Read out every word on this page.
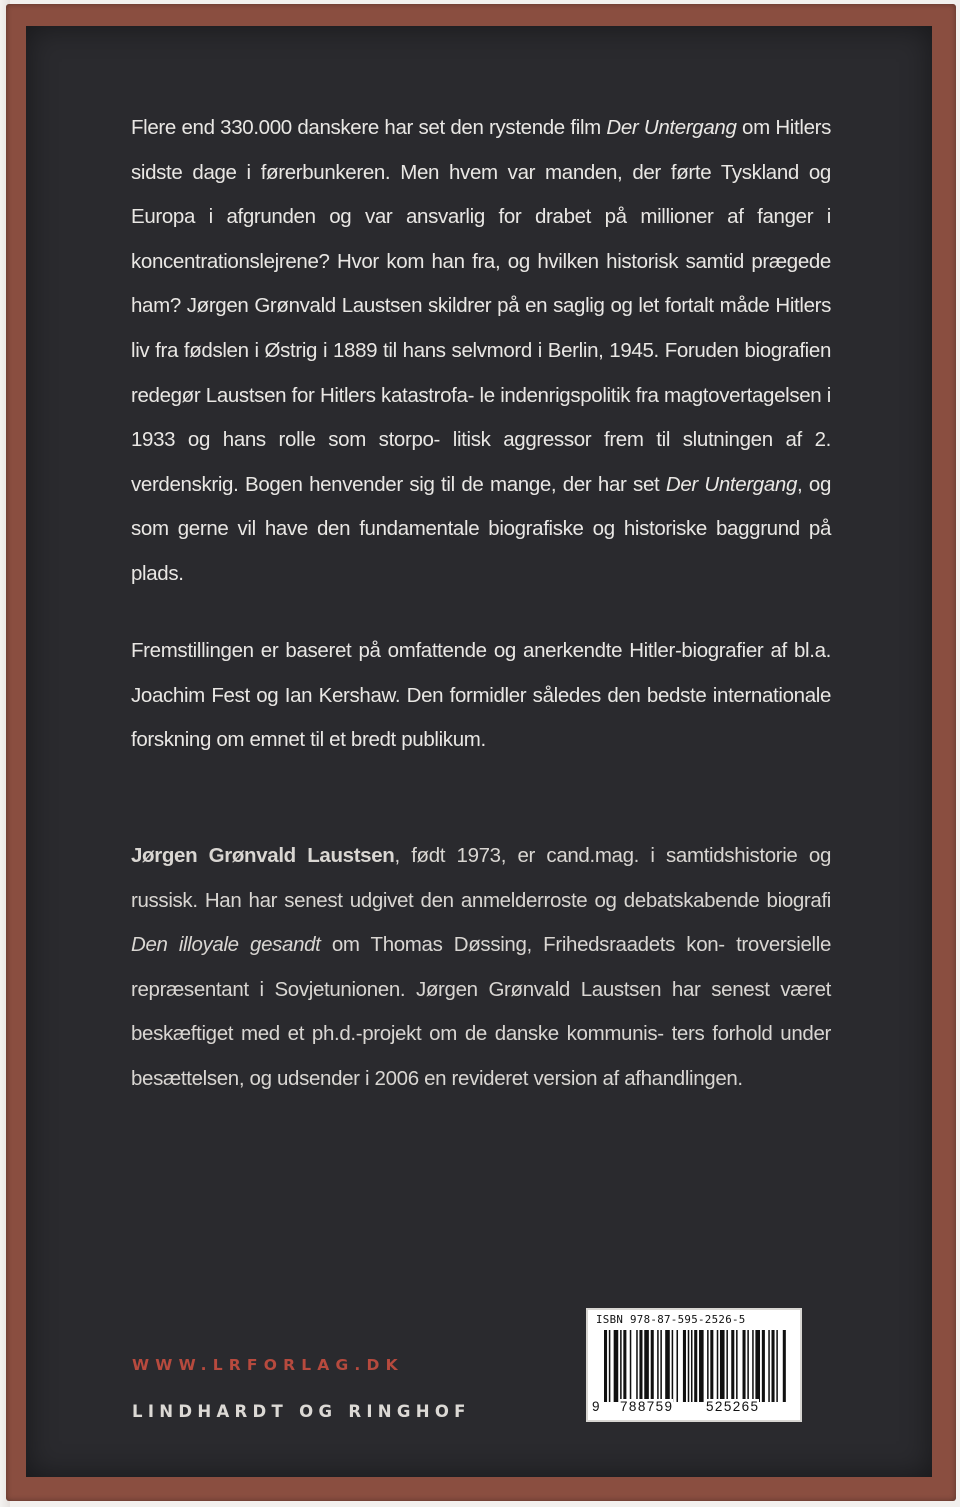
Flere end 330.000 danskere har set den rystende film Der Untergang om Hitlers sidste dage i førerbunkeren. Men hvem var manden, der førte Tyskland og Europa i afgrunden og var ansvarlig for drabet på millioner af fanger i koncentrationslejrene? Hvor kom han fra, og hvilken historisk samtid prægede ham? Jørgen Grønvald Laustsen skildrer på en saglig og let fortalt måde Hitlers liv fra fødslen i Østrig i 1889 til hans selvmord i Berlin, 1945. Foruden biografien redegør Laustsen for Hitlers katastrofa- le indenrigspolitik fra magtovertagelsen i 1933 og hans rolle som storpo- litisk aggressor frem til slutningen af 2. verdenskrig. Bogen henvender sig til de mange, der har set Der Untergang, og som gerne vil have den fundamentale biografiske og historiske baggrund på plads.

Fremstillingen er baseret på omfattende og anerkendte Hitler-biografier af bl.a. Joachim Fest og Ian Kershaw. Den formidler således den bedste internationale forskning om emnet til et bredt publikum.

Jørgen Grønvald Laustsen, født 1973, er cand.mag. i samtidshistorie og russisk. Han har senest udgivet den anmelderroste og debatskabende biografi Den illoyale gesandt om Thomas Døssing, Frihedsraadets kon- troversielle repræsentant i Sovjetunionen. Jørgen Grønvald Laustsen har senest været beskæftiget med et ph.d.-projekt om de danske kommunis- ters forhold under besættelsen, og udsender i 2006 en revideret version af afhandlingen.

WWW.LRFORLAG.DK
LINDHARDT OG RINGHOF
ISBN 978-87-595-2526-5
9 788759 525265
